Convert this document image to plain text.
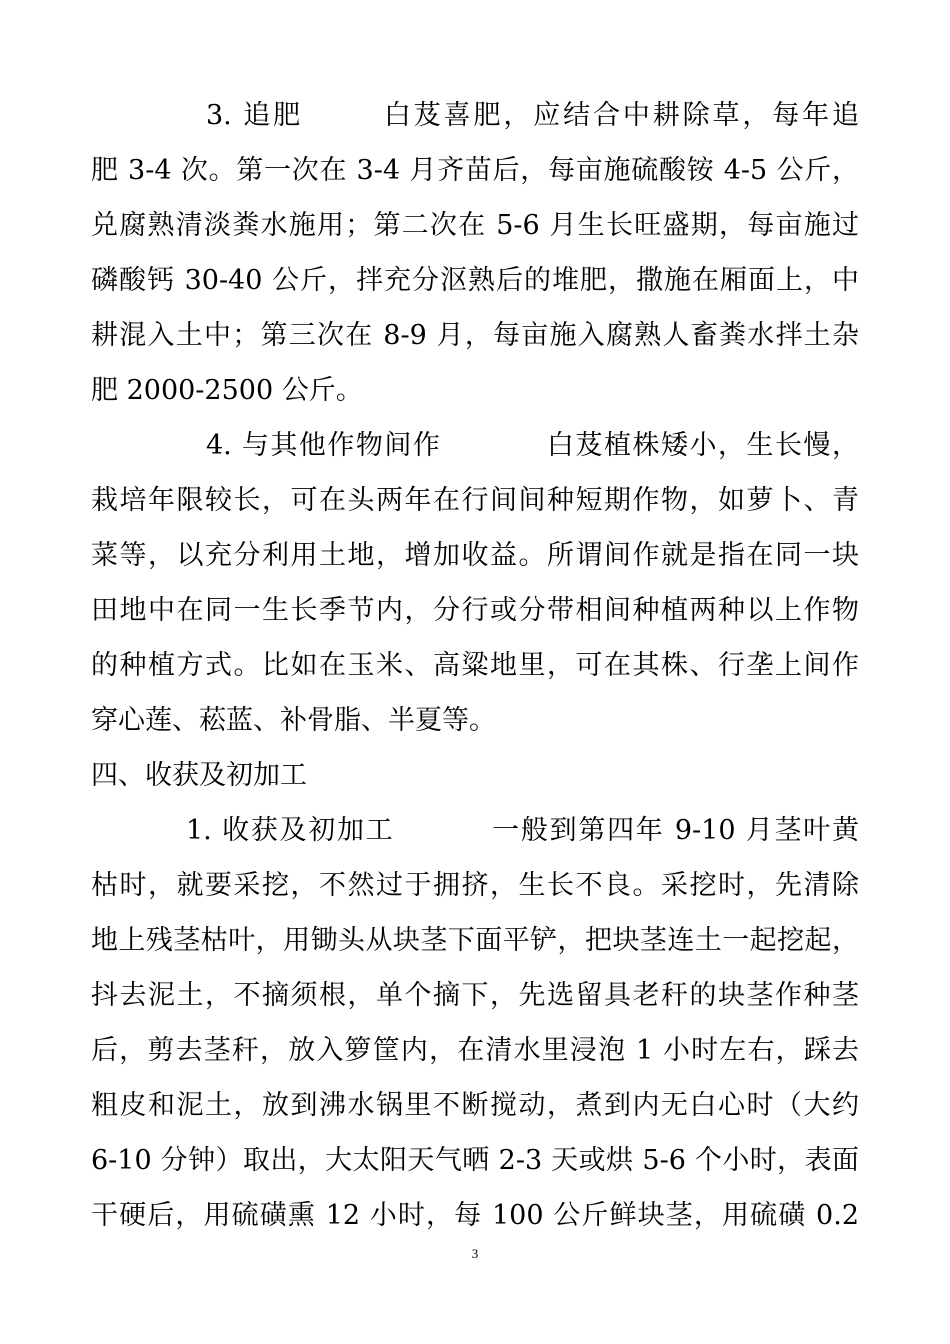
3. 追肥	白芨喜肥，应结合中耕除草，每年追
肥 3-4 次。第一次在 3-4 月齐苗后，每亩施硫酸铵 4-5 公斤，
兑腐熟清淡粪水施用；第二次在 5-6 月生长旺盛期，每亩施过
磷酸钙 30-40 公斤，拌充分沤熟后的堆肥，撒施在厢面上，中
耕混入土中；第三次在 8-9 月，每亩施入腐熟人畜粪水拌土杂
肥 2000-2500 公斤。
4. 与其他作物间作	白芨植株矮小，生长慢，
栽培年限较长，可在头两年在行间间种短期作物，如萝卜、青
菜等，以充分利用土地，增加收益。所谓间作就是指在同一块
田地中在同一生长季节内，分行或分带相间种植两种以上作物
的种植方式。比如在玉米、高粱地里，可在其株、行垄上间作
穿心莲、菘蓝、补骨脂、半夏等。
四、收获及初加工
1. 收获及初加工	一般到第四年 9-10 月茎叶黄
枯时，就要采挖，不然过于拥挤，生长不良。采挖时，先清除
地上残茎枯叶，用锄头从块茎下面平铲，把块茎连土一起挖起，
抖去泥土，不摘须根，单个摘下，先选留具老秆的块茎作种茎
后，剪去茎秆，放入箩筐内，在清水里浸泡 1 小时左右，踩去
粗皮和泥土，放到沸水锅里不断搅动，煮到内无白心时（大约
6-10 分钟）取出，大太阳天气晒 2-3 天或烘 5-6 个小时，表面
干硬后，用硫磺熏 12 小时，每 100 公斤鲜块茎，用硫磺 0.2
3
